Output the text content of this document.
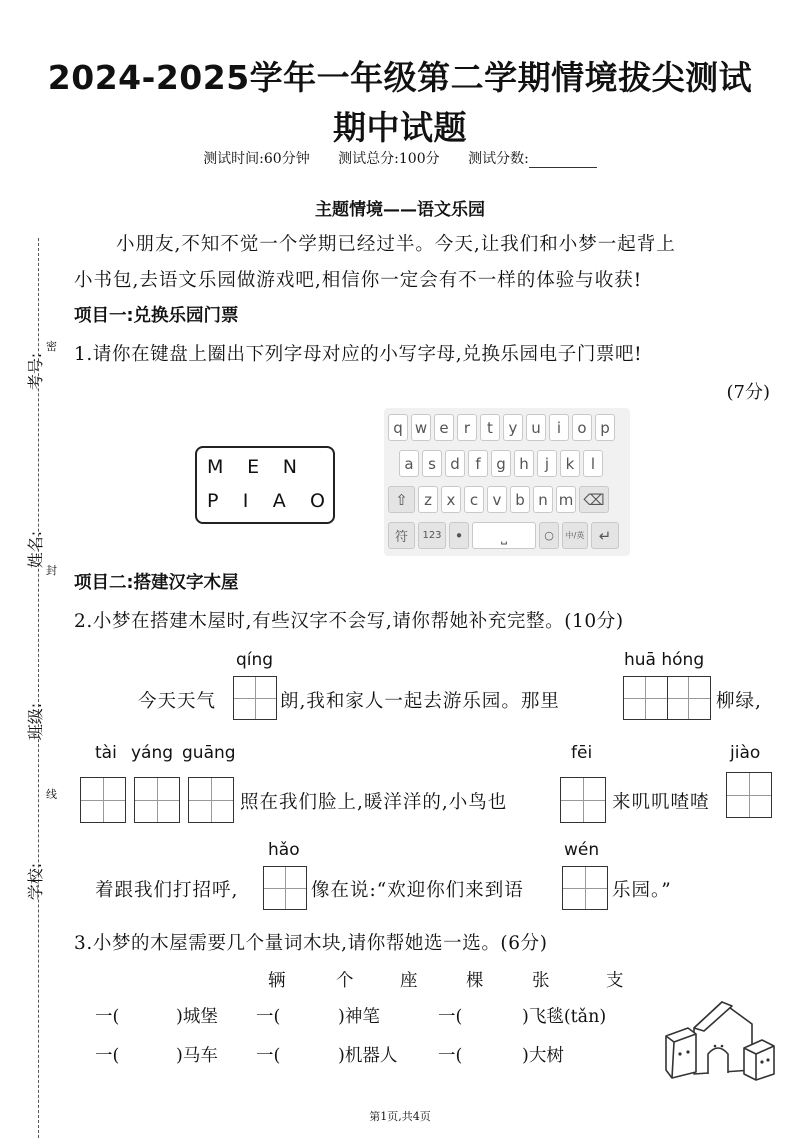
2024-2025学年一年级第二学期情境拔尖测试
期中试题
测试时间:60分钟 测试总分:100分 测试分数:
考号:
姓名:
班级:
学校:
密
封
线
主题情境——语文乐园
小朋友,不知不觉一个学期已经过半。今天,让我们和小梦一起背上
小书包,去语文乐园做游戏吧,相信你一定会有不一样的体验与收获!
项目一:兑换乐园门票
1.请你在键盘上圈出下列字母对应的小写字母,兑换乐园电子门票吧!
(7分)
M E N
P I A O
q w e	r	t	y u	i	o p
a s d	f	g h	j	k	l
⇧	z x c v b n m ⌫
符	123 •	⎵	○	中/英 ↵
项目二:搭建汉字木屋
2.小梦在搭建木屋时,有些汉字不会写,请你帮她补充完整。(10分)
qíng	huā hóng
今天天气	朗,我和家人一起去游乐园。那里	柳绿,
tài yáng guāng	fēi	jiào
照在我们脸上,暖洋洋的,小鸟也	来叽叽喳喳
hǎo	wén
着跟我们打招呼,	像在说:“欢迎你们来到语	乐园。”
3.小梦的木屋需要几个量词木块,请你帮她选一选。(6分)
辆	个	座	棵	张	支
一(	)城堡 一(	)神笔	一(	)飞毯(tǎn)
一(	)马车 一(	)机器人 一(	)大树
第1页,共4页
